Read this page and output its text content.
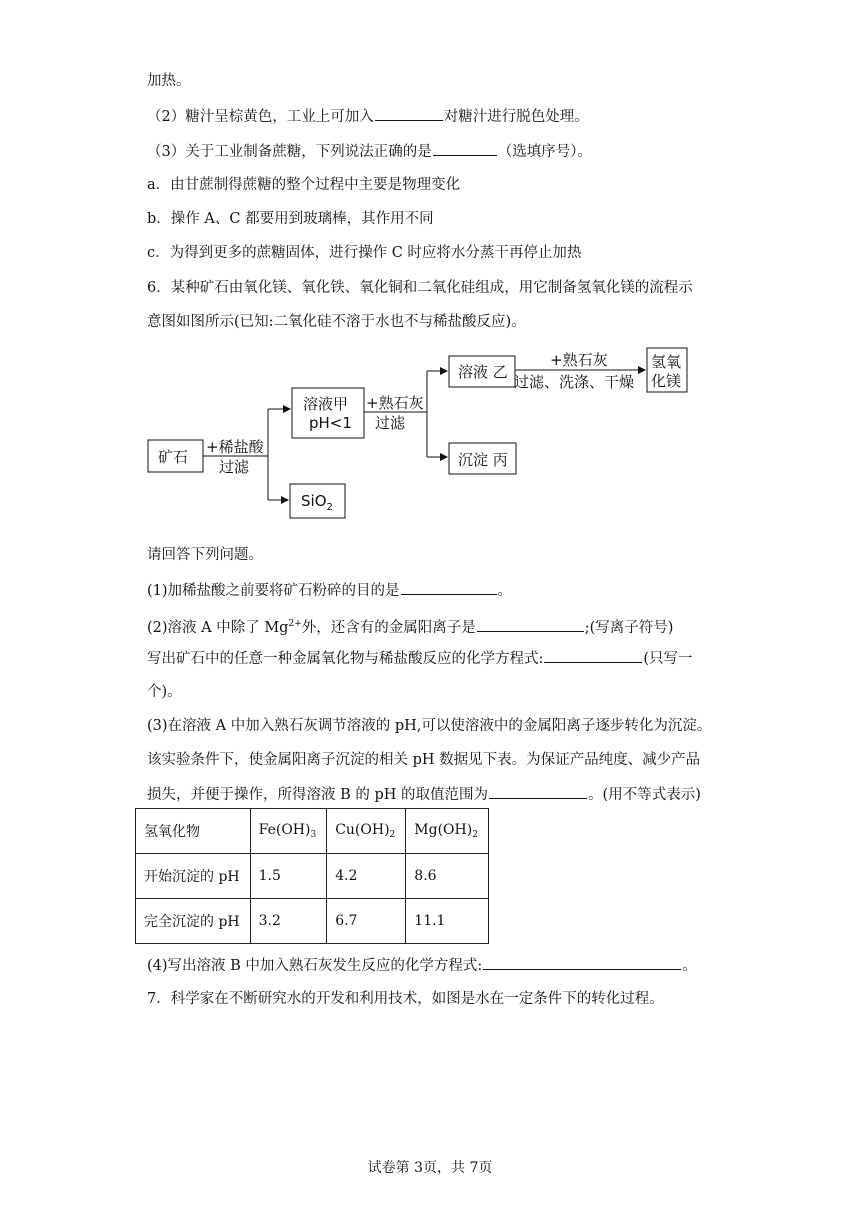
加热。
（2）糖汁呈棕黄色，工业上可加入	对糖汁进行脱色处理。
（3）关于工业制备蔗糖，下列说法正确的是	（选填序号）。
a．由甘蔗制得蔗糖的整个过程中主要是物理变化
b．操作 A、C 都要用到玻璃棒，其作用不同
c．为得到更多的蔗糖固体，进行操作 C 时应将水分蒸干再停止加热
6．某种矿石由氧化镁、氧化铁、氧化铜和二氧化硅组成，用它制备氢氧化镁的流程示
意图如图所示(已知:二氧化硅不溶于水也不与稀盐酸反应)。
矿石
+稀盐酸
过滤
溶液甲
pH<1
+熟石灰
过滤
SiO$_2$
溶液 乙
+熟石灰
过滤、洗涤、干燥
氢氧
化镁
沉淀 丙
请回答下列问题。
(1)加稀盐酸之前要将矿石粉碎的目的是	。
(2)溶液 A 中除了 $Mg^{2+}$外，还含有的金属阳离子是	;(写离子符号)
写出矿石中的任意一种金属氧化物与稀盐酸反应的化学方程式:	(只写一
个)。
(3)在溶液 A 中加入熟石灰调节溶液的 pH,可以使溶液中的金属阳离子逐步转化为沉淀。
该实验条件下，使金属阳离子沉淀的相关 pH 数据见下表。为保证产品纯度、减少产品
损失，并便于操作，所得溶液 B 的 pH 的取值范围为	。(用不等式表示)
氢氧化物	$Fe(OH)_3$	$Cu(OH)_2$	$Mg(OH)_2$
开始沉淀的 pH	1.5	4.2	8.6
完全沉淀的 pH	3.2	6.7	11.1
(4)写出溶液 B 中加入熟石灰发生反应的化学方程式:	。
7．科学家在不断研究水的开发和利用技术，如图是水在一定条件下的转化过程。
试卷第 3页，共 7页
